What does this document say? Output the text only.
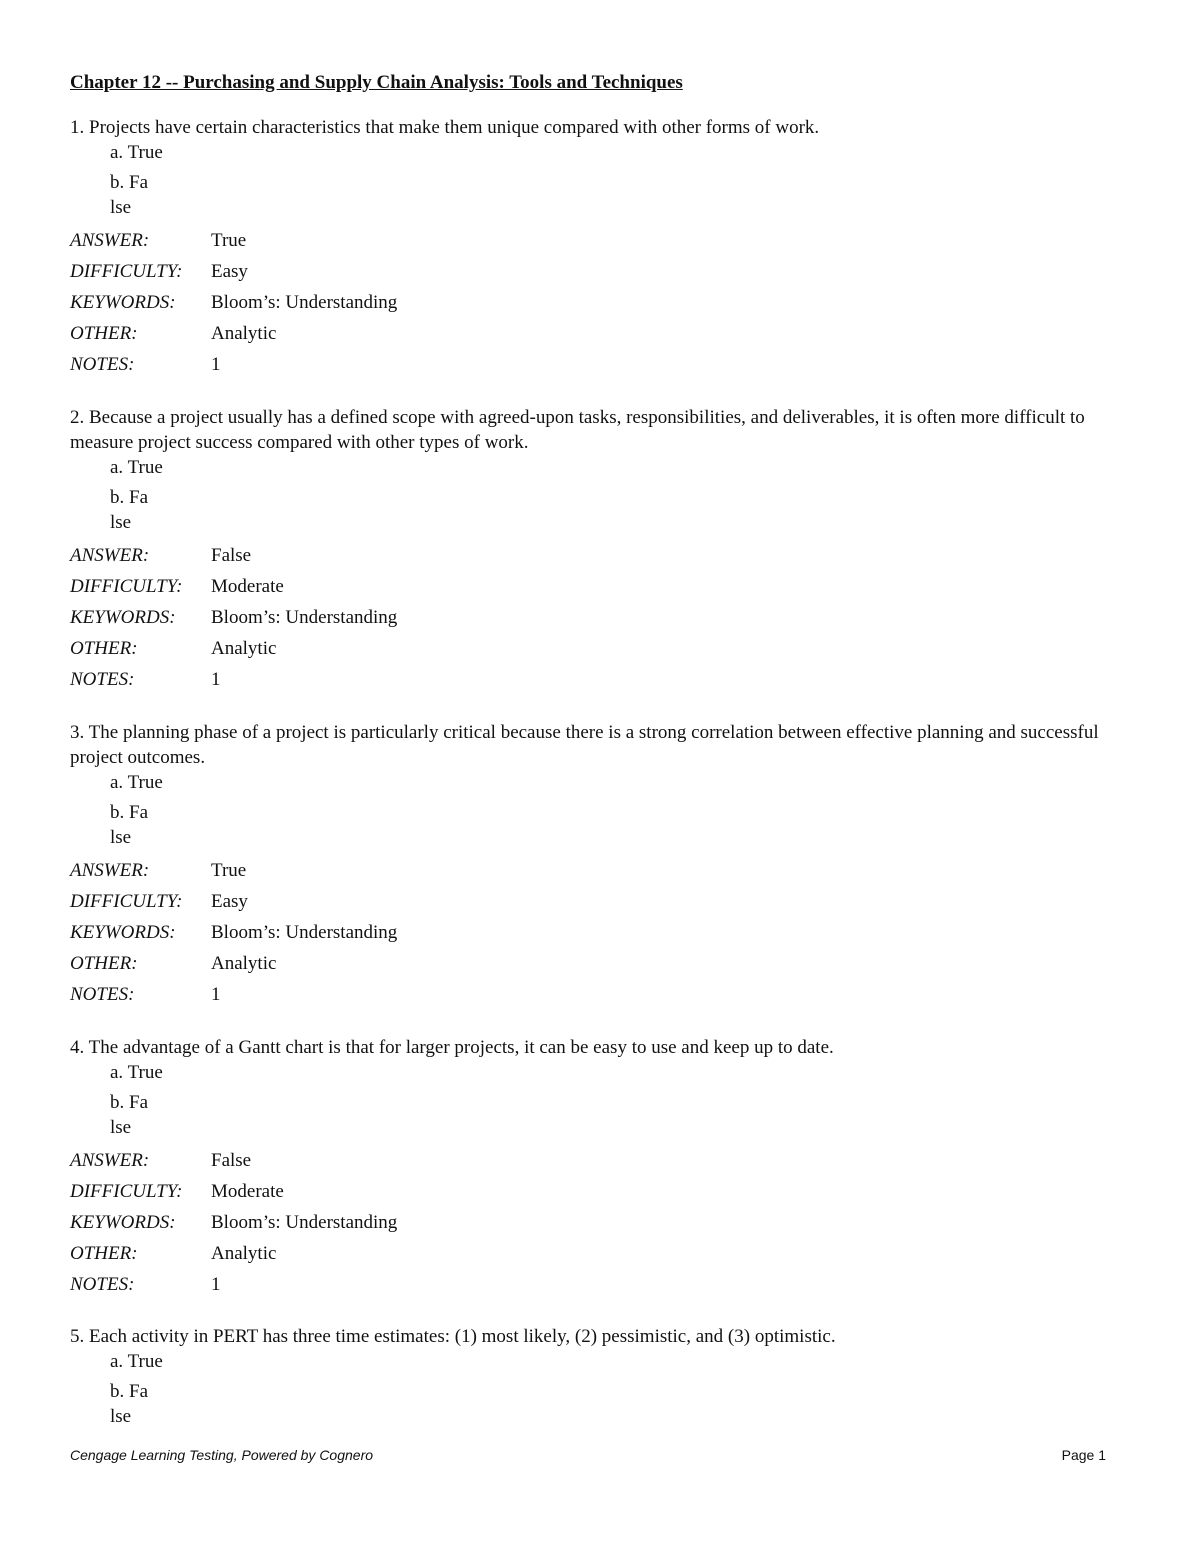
Chapter 12 -- Purchasing and Supply Chain Analysis: Tools and Techniques

1. Projects have certain characteristics that make them unique compared with other forms of work.

a. True
b. False
ANSWER:	True
DIFFICULTY: Easy
KEYWORDS: Bloom’s: Understanding
OTHER:	Analytic
NOTES:	1

2. Because a project usually has a defined scope with agreed-upon tasks, responsibilities, and deliverables, it is often more difficult to measure project success compared with other types of work.

a. True
b. False
ANSWER:	False
DIFFICULTY: Moderate
KEYWORDS: Bloom’s: Understanding
OTHER:	Analytic
NOTES:	1

3. The planning phase of a project is particularly critical because there is a strong correlation between effective planning and successful project outcomes.

a. True
b. False
ANSWER:	True
DIFFICULTY: Easy
KEYWORDS: Bloom’s: Understanding
OTHER:	Analytic
NOTES:	1

4. The advantage of a Gantt chart is that for larger projects, it can be easy to use and keep up to date.

a. True
b. False
ANSWER:	False
DIFFICULTY: Moderate
KEYWORDS: Bloom’s: Understanding
OTHER:	Analytic
NOTES:	1

5. Each activity in PERT has three time estimates: (1) most likely, (2) pessimistic, and (3) optimistic.

a. True
b. False
Cengage Learning Testing, Powered by Cognero	Page 1
